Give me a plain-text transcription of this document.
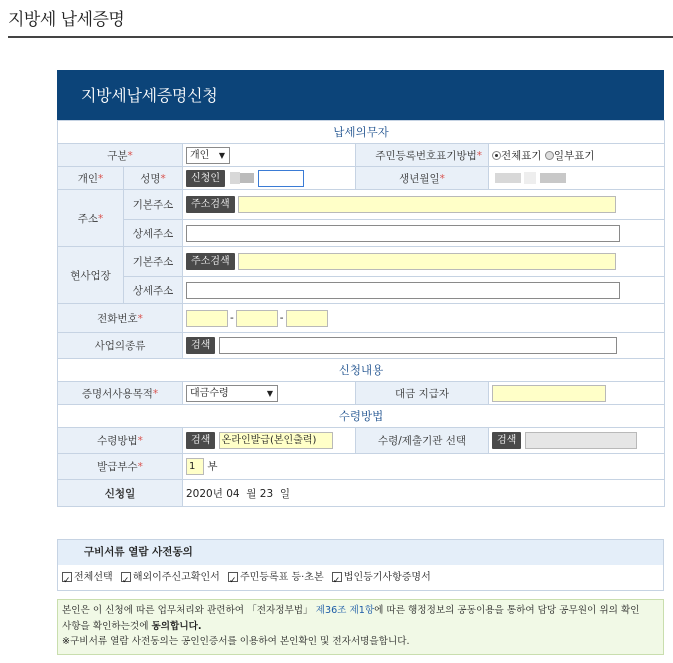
지방세 납세증명
지방세납세증명신청
납세의무자				
구분*		개인 ▼	주민등록번호표기방법*	전체표기 일부표기
개인*	성명*	신청인	생년월일*	
주소*	기본주소	주소검색		
	상세주소			
현사업장	기본주소	주소검색		
	상세주소			
전화번호*		- -		
사업의종류		검색		
신청내용				
증명서사용목적*		대금수령 ▼	대금 지급자	
수령방법				
수령방법*		검색 온라인발급(본인출력)	수령/제출기관 선택	검색
발급부수*		1 부		
신청일		2020년 04 월 23 일		
구비서류 열람 사전동의
✓전체선택 ✓ 해외이주신고확인서 ✓ 주민등록표 등·초본 ✓ 법인등기사항증명서
본인은 이 신청에 따른 업무처리와 관련하여 「전자정부법」 제36조 제1항에 따른 행정정보의 공동이용을 통하여 담당 공무원이 위의 확인
사항을 확인하는것에 동의합니다.
※구비서류 열람 사전동의는 공인인증서를 이용하여 본인확인 및 전자서명을합니다.
